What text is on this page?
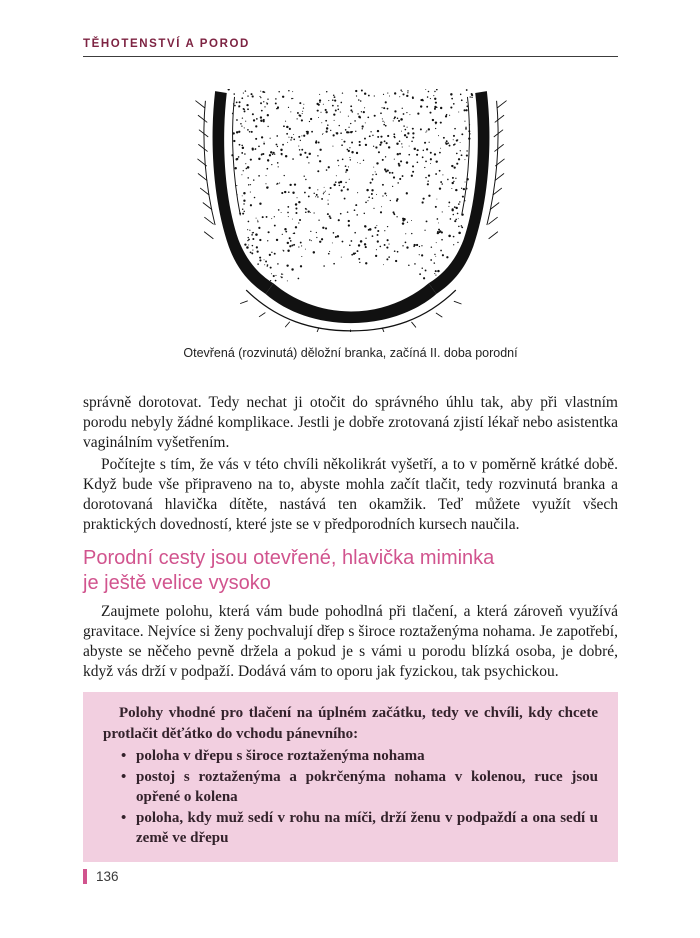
TĚHOTENSTVÍ A POROD
Otevřená (rozvinutá) děložní branka, začíná II. doba porodní

správně dorotovat. Tedy nechat ji otočit do správného úhlu tak, aby při vlastním porodu nebyly žádné komplikace. Jestli je dobře zrotovaná zjistí lékař nebo asistentka vaginálním vyšetřením.

Počítejte s tím, že vás v této chvíli několikrát vyšetří, a to v poměrně krátké době. Když bude vše připraveno na to, abyste mohla začít tlačit, tedy rozvinutá branka a dorotovaná hlavička dítěte, nastává ten okamžik. Teď můžete využít všech praktických dovedností, které jste se v předporodních kursech naučila.

Porodní cesty jsou otevřené, hlavička miminka
je ještě velice vysoko

Zaujmete polohu, která vám bude pohodlná při tlačení, a která zároveň využívá gravitace. Nejvíce si ženy pochvalují dřep s široce roztaženýma nohama. Je zapotřebí, abyste se něčeho pevně držela a pokud je s vámi u porodu blízká osoba, je dobré, když vás drží v podpaží. Dodává vám to oporu jak fyzickou, tak psychickou.

Polohy vhodné pro tlačení na úplném začátku, tedy ve chvíli, kdy chcete protlačit děťátko do vchodu pánevního:

• poloha v dřepu s široce roztaženýma nohama
• postoj s roztaženýma a pokrčenýma nohama v kolenou, ruce jsou opřené o kolena
• poloha, kdy muž sedí v rohu na míči, drží ženu v podpaždí a ona sedí u země ve dřepu
136
